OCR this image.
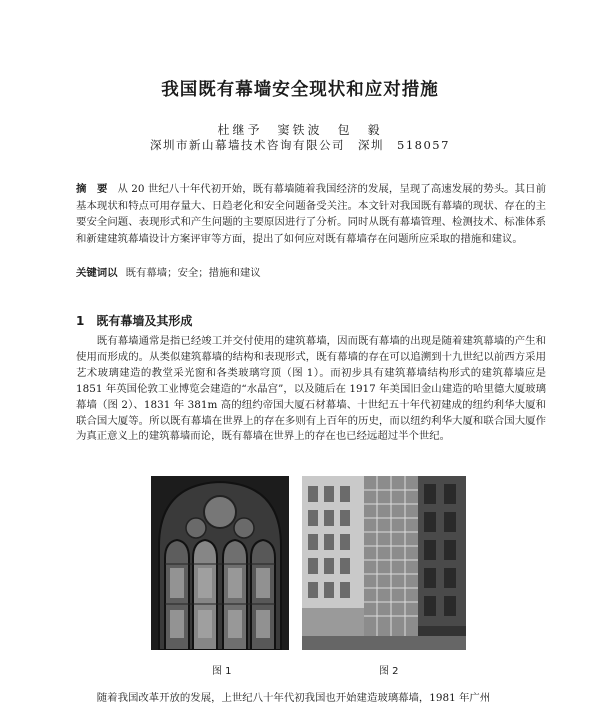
我国既有幕墙安全现状和应对措施
杜继予　窦铁波　包　毅
深圳市新山幕墙技术咨询有限公司　深圳　518057

摘　要 从 20 世纪八十年代初开始，既有幕墙随着我国经济的发展，呈现了高速发展的势头。其日前基本现状和特点可用存量大、日趋老化和安全问题备受关注。本文针对我国既有幕墙的现状、存在的主要安全问题、表现形式和产生问题的主要原因进行了分析。同时从既有幕墙管理、检测技术、标准体系和新建建筑幕墙设计方案评审等方面，提出了如何应对既有幕墙存在问题所应采取的措施和建议。

关键词以 既有幕墙；安全；措施和建议

1 既有幕墙及其形成

既有幕墙通常是指已经竣工并交付使用的建筑幕墙，因而既有幕墙的出现是随着建筑幕墙的产生和使用而形成的。从类似建筑幕墙的结构和表现形式，既有幕墙的存在可以追溯到十九世纪以前西方采用艺术玻璃建造的教堂采光窗和各类玻璃穹顶（图 1）。而初步具有建筑幕墙结构形式的建筑幕墙应是 1851 年英国伦敦工业博览会建造的“水晶宫”，以及随后在 1917 年美国旧金山建造的哈里德大厦玻璃幕墙（图 2）、1831 年 381m 高的纽约帝国大厦石材幕墙、十世纪五十年代初建成的纽约利华大厦和联合国大厦等。所以既有幕墙在世界上的存在多则有上百年的历史，而以纽约利华大厦和联合国大厦作为真正意义上的建筑幕墙而论，既有幕墙在世界上的存在也已经远超过半个世纪。

图 1	图 2

随着我国改革开放的发展，上世纪八十年代初我国也开始建造玻璃幕墙，1981 年广州
